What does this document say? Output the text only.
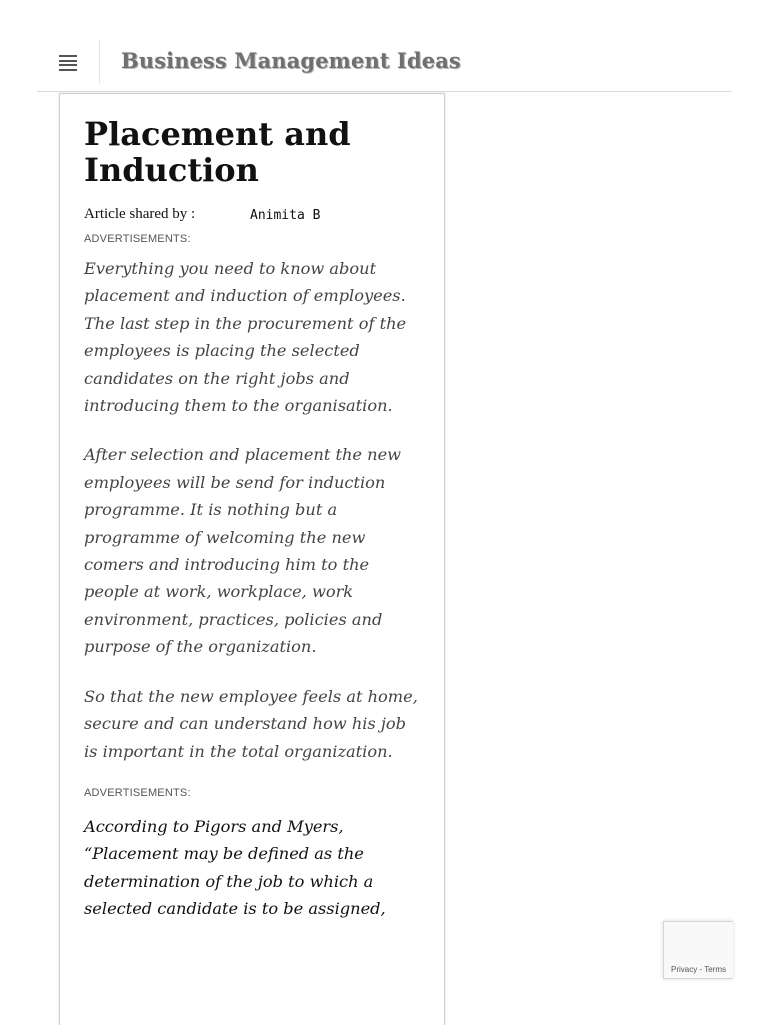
Business Management Ideas
Placement and Induction
Article shared by :	Animita B
ADVERTISEMENTS:

Everything you need to know about placement and induction of employees. The last step in the procurement of the employees is placing the selected candidates on the right jobs and introducing them to the organisation.

After selection and placement the new employees will be send for induction programme. It is nothing but a programme of welcoming the new comers and introducing him to the people at work, workplace, work environment, practices, policies and purpose of the organization.

So that the new employee feels at home, secure and can understand how his job is important in the total organization.

ADVERTISEMENTS:

According to Pigors and Myers, “Placement may be defined as the determination of the job to which a selected candidate is to be assigned,

Privacy - Terms
